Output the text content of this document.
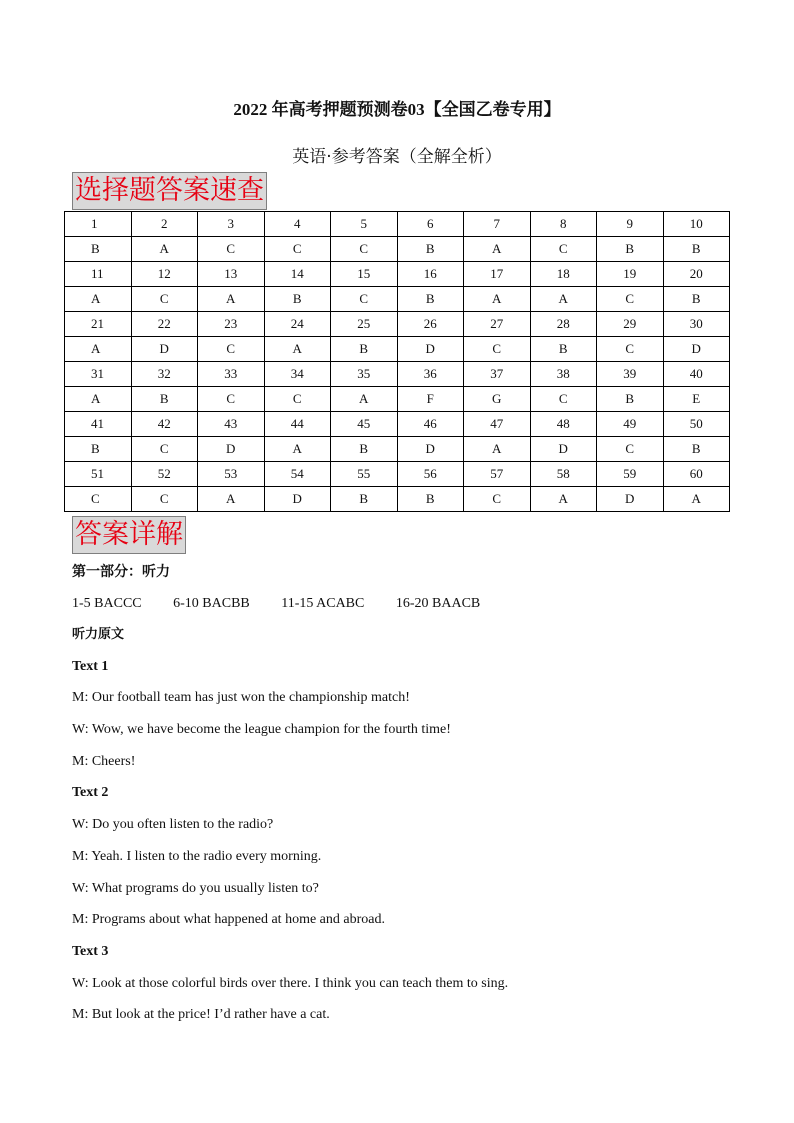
2022 年高考押题预测卷03【全国乙卷专用】
英语·参考答案（全解全析）
选择题答案速查
1	2	3	4	5	6	7	8	9	10
B	A	C	C	C	B	A	C	B	B
11	12	13	14	15	16	17	18	19	20
A	C	A	B	C	B	A	A	C	B
21	22	23	24	25	26	27	28	29	30
A	D	C	A	B	D	C	B	C	D
31	32	33	34	35	36	37	38	39	40
A	B	C	C	A	F	G	C	B	E
41	42	43	44	45	46	47	48	49	50
B	C	D	A	B	D	A	D	C	B
51	52	53	54	55	56	57	58	59	60
C	C	A	D	B	B	C	A	D	A
答案详解
第一部分：听力
1-5 BACCC 6-10 BACBB 11-15 ACABC 16-20 BAACB
听力原文
Text 1
M: Our football team has just won the championship match!
W: Wow, we have become the league champion for the fourth time!
M: Cheers!
Text 2
W: Do you often listen to the radio?
M: Yeah. I listen to the radio every morning.
W: What programs do you usually listen to?
M: Programs about what happened at home and abroad.
Text 3
W: Look at those colorful birds over there. I think you can teach them to sing.
M: But look at the price! I’d rather have a cat.
